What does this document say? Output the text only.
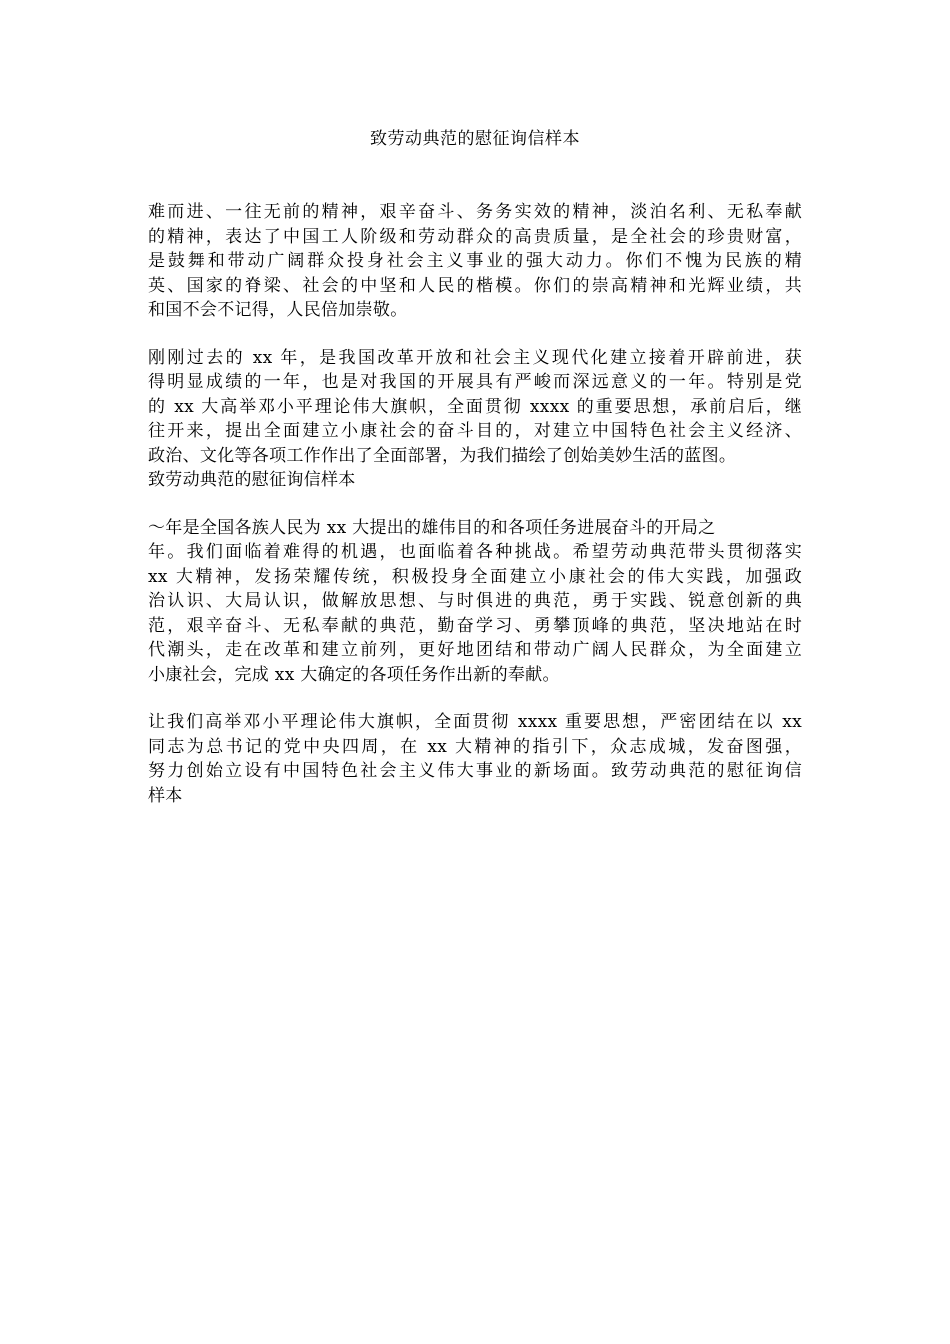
致劳动典范的慰征询信样本

难而进、一往无前的精神，艰辛奋斗、务务实效的精神，淡泊名利、无私奉献
的精神，表达了中国工人阶级和劳动群众的高贵质量，是全社会的珍贵财富，
是鼓舞和带动广阔群众投身社会主义事业的强大动力。你们不愧为民族的精
英、国家的脊梁、社会的中坚和人民的楷模。你们的崇高精神和光辉业绩，共
和国不会不记得，人民倍加崇敬。

刚刚过去的 xx 年，是我国改革开放和社会主义现代化建立接着开辟前进，获
得明显成绩的一年，也是对我国的开展具有严峻而深远意义的一年。特别是党
的 xx 大高举邓小平理论伟大旗帜，全面贯彻 xxxx 的重要思想，承前启后，继
往开来，提出全面建立小康社会的奋斗目的，对建立中国特色社会主义经济、
政治、文化等各项工作作出了全面部署，为我们描绘了创始美妙生活的蓝图。
致劳动典范的慰征询信样本

～年是全国各族人民为 xx 大提出的雄伟目的和各项任务进展奋斗的开局之
年。我们面临着难得的机遇，也面临着各种挑战。希望劳动典范带头贯彻落实
xx 大精神，发扬荣耀传统，积极投身全面建立小康社会的伟大实践，加强政
治认识、大局认识，做解放思想、与时俱进的典范，勇于实践、锐意创新的典
范，艰辛奋斗、无私奉献的典范，勤奋学习、勇攀顶峰的典范，坚决地站在时
代潮头，走在改革和建立前列，更好地团结和带动广阔人民群众，为全面建立
小康社会，完成 xx 大确定的各项任务作出新的奉献。

让我们高举邓小平理论伟大旗帜，全面贯彻 xxxx 重要思想，严密团结在以 xx
同志为总书记的党中央四周，在 xx 大精神的指引下，众志成城，发奋图强，
努力创始立设有中国特色社会主义伟大事业的新场面。致劳动典范的慰征询信
样本
